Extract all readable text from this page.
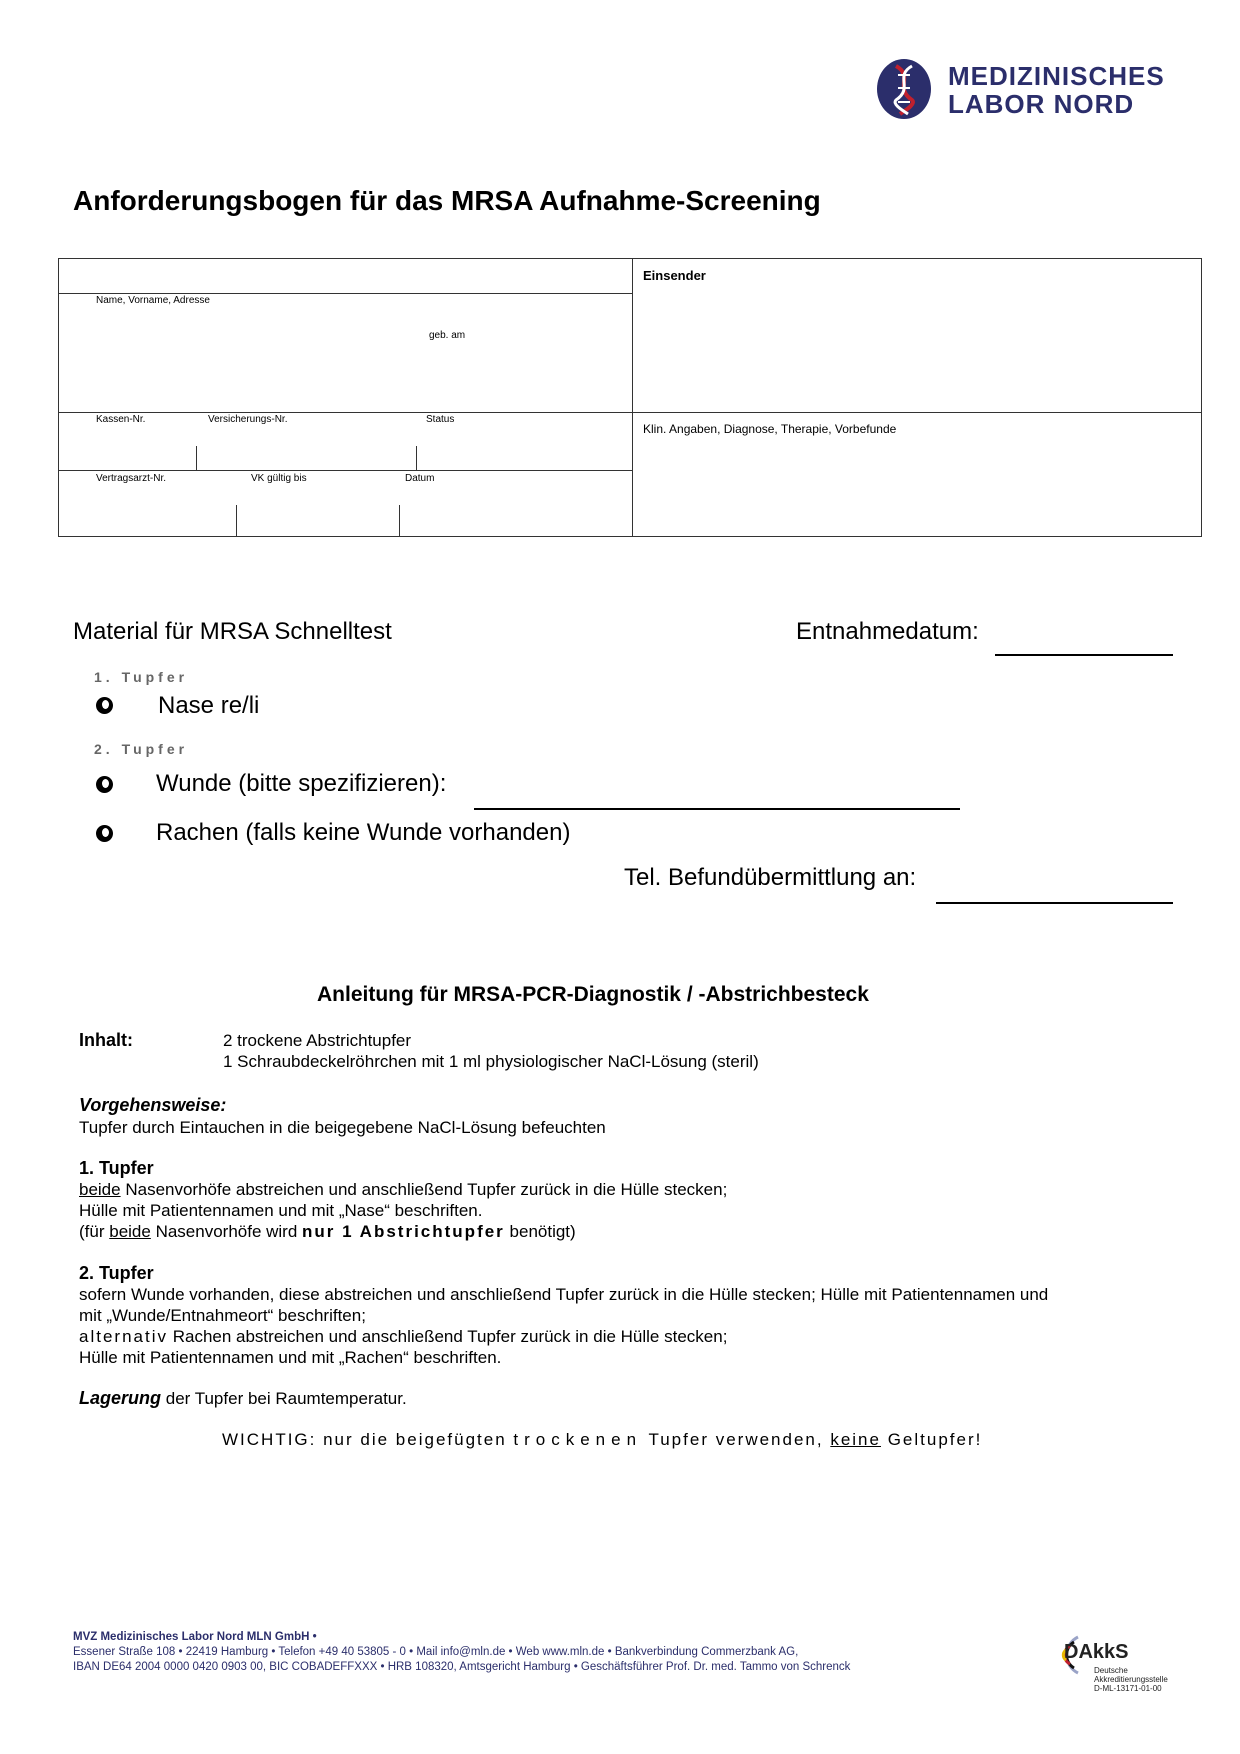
MEDIZINISCHES
LABOR NORD
Anforderungsbogen für das MRSA Aufnahme-Screening
Einsender
Name, Vorname, Adresse
geb. am
Kassen-Nr.	Versicherungs-Nr.	Status
Klin. Angaben, Diagnose, Therapie, Vorbefunde
Vertragsarzt-Nr.	VK gültig bis	Datum
Material für MRSA Schnelltest	Entnahmedatum:
1. Tupfer
Nase re/li
2. Tupfer
Wunde (bitte spezifizieren):
Rachen (falls keine Wunde vorhanden)
Tel. Befundübermittlung an:
Anleitung für MRSA-PCR-Diagnostik / -Abstrichbesteck
Inhalt:	2 trockene Abstrichtupfer
1 Schraubdeckelröhrchen mit 1 ml physiologischer NaCl-Lösung (steril)
Vorgehensweise:
Tupfer durch Eintauchen in die beigegebene NaCl-Lösung befeuchten
1. Tupfer
beide Nasenvorhöfe abstreichen und anschließend Tupfer zurück in die Hülle stecken;
Hülle mit Patientennamen und mit „Nase“ beschriften.
(für beide Nasenvorhöfe wird nur 1 Abstrichtupfer benötigt)
2. Tupfer
sofern Wunde vorhanden, diese abstreichen und anschließend Tupfer zurück in die Hülle stecken; Hülle mit Patientennamen und
mit „Wunde/Entnahmeort“ beschriften;
alternativ Rachen abstreichen und anschließend Tupfer zurück in die Hülle stecken;
Hülle mit Patientennamen und mit „Rachen“ beschriften.
Lagerung der Tupfer bei Raumtemperatur.
WICHTIG: nur die beigefügten trockenen Tupfer verwenden, keine Geltupfer!
MVZ Medizinisches Labor Nord MLN GmbH •
Essener Straße 108 • 22419 Hamburg • Telefon +49 40 53805 - 0 • Mail info@mln.de • Web www.mln.de • Bankverbindung Commerzbank AG,
IBAN DE64 2004 0000 0420 0903 00, BIC COBADEFFXXX • HRB 108320, Amtsgericht Hamburg • Geschäftsführer Prof. Dr. med. Tammo von Schrenck
DAkkS
Deutsche
Akkreditierungsstelle
D-ML-13171-01-00
